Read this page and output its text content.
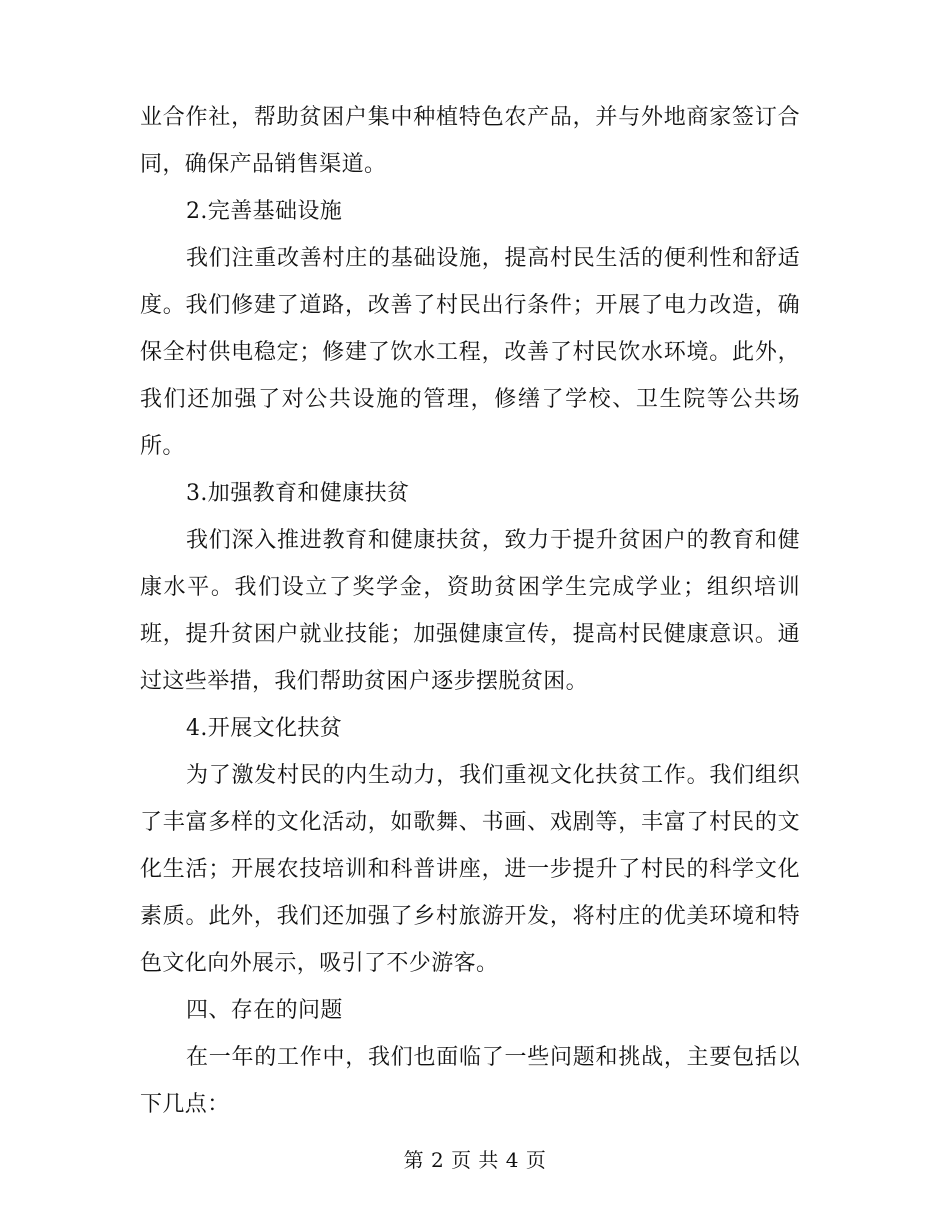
业合作社，帮助贫困户集中种植特色农产品，并与外地商家签订合同，确保产品销售渠道。

2.完善基础设施

我们注重改善村庄的基础设施，提高村民生活的便利性和舒适度。我们修建了道路，改善了村民出行条件；开展了电力改造，确保全村供电稳定；修建了饮水工程，改善了村民饮水环境。此外，我们还加强了对公共设施的管理，修缮了学校、卫生院等公共场所。

3.加强教育和健康扶贫

我们深入推进教育和健康扶贫，致力于提升贫困户的教育和健康水平。我们设立了奖学金，资助贫困学生完成学业；组织培训班，提升贫困户就业技能；加强健康宣传，提高村民健康意识。通过这些举措，我们帮助贫困户逐步摆脱贫困。

4.开展文化扶贫

为了激发村民的内生动力，我们重视文化扶贫工作。我们组织了丰富多样的文化活动，如歌舞、书画、戏剧等，丰富了村民的文化生活；开展农技培训和科普讲座，进一步提升了村民的科学文化素质。此外，我们还加强了乡村旅游开发，将村庄的优美环境和特色文化向外展示，吸引了不少游客。

四、存在的问题

在一年的工作中，我们也面临了一些问题和挑战，主要包括以下几点：

第 2 页 共 4 页
